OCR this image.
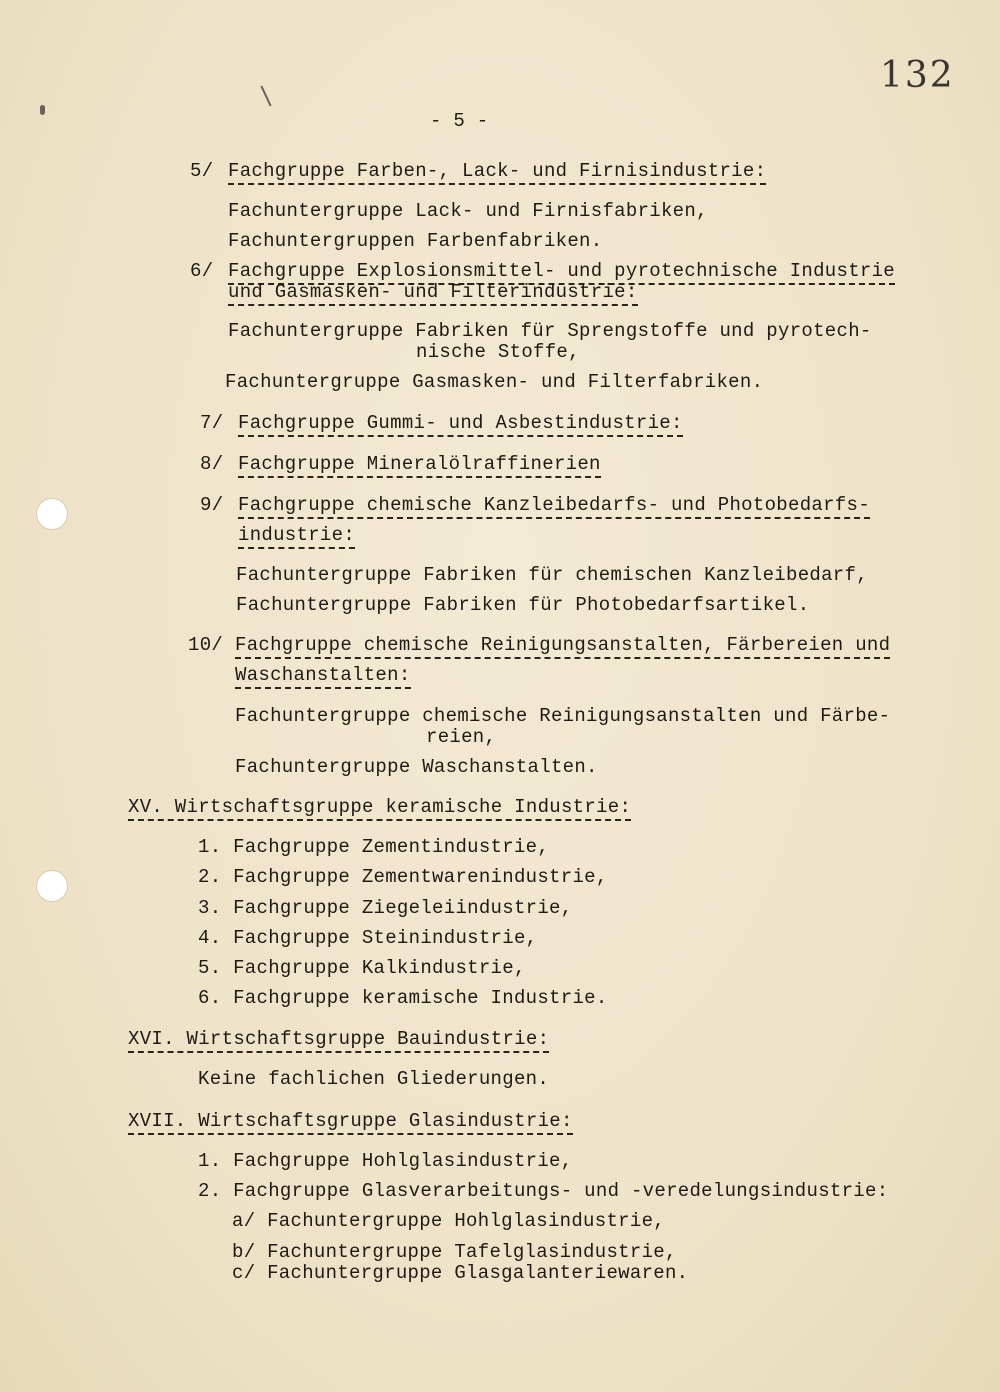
132
- 5 -
5/ Fachgruppe Farben-, Lack- und Firnisindustrie:
Fachuntergruppe Lack- und Firnisfabriken,
Fachuntergruppen Farbenfabriken.
6/ Fachgruppe Explosionsmittel- und pyrotechnische Industrie
und Gasmasken- und Filterindustrie:
Fachuntergruppe Fabriken für Sprengstoffe und pyrotech-
nische Stoffe,
Fachuntergruppe Gasmasken- und Filterfabriken.
7/ Fachgruppe Gummi- und Asbestindustrie:
8/ Fachgruppe Mineralölraffinerien
9/ Fachgruppe chemische Kanzleibedarfs- und Photobedarfs-
industrie:
Fachuntergruppe Fabriken für chemischen Kanzleibedarf,
Fachuntergruppe Fabriken für Photobedarfsartikel.
10/ Fachgruppe chemische Reinigungsanstalten, Färbereien und
Waschanstalten:
Fachuntergruppe chemische Reinigungsanstalten und Färbe-
reien,
Fachuntergruppe Waschanstalten.
XV. Wirtschaftsgruppe keramische Industrie:
1. Fachgruppe Zementindustrie,
2. Fachgruppe Zementwarenindustrie,
3. Fachgruppe Ziegeleiindustrie,
4. Fachgruppe Steinindustrie,
5. Fachgruppe Kalkindustrie,
6. Fachgruppe keramische Industrie.
XVI. Wirtschaftsgruppe Bauindustrie:
Keine fachlichen Gliederungen.
XVII. Wirtschaftsgruppe Glasindustrie:
1. Fachgruppe Hohlglasindustrie,
2. Fachgruppe Glasverarbeitungs- und -veredelungsindustrie:
a/ Fachuntergruppe Hohlglasindustrie,
b/ Fachuntergruppe Tafelglasindustrie,
c/ Fachuntergruppe Glasgalanteriewaren.
